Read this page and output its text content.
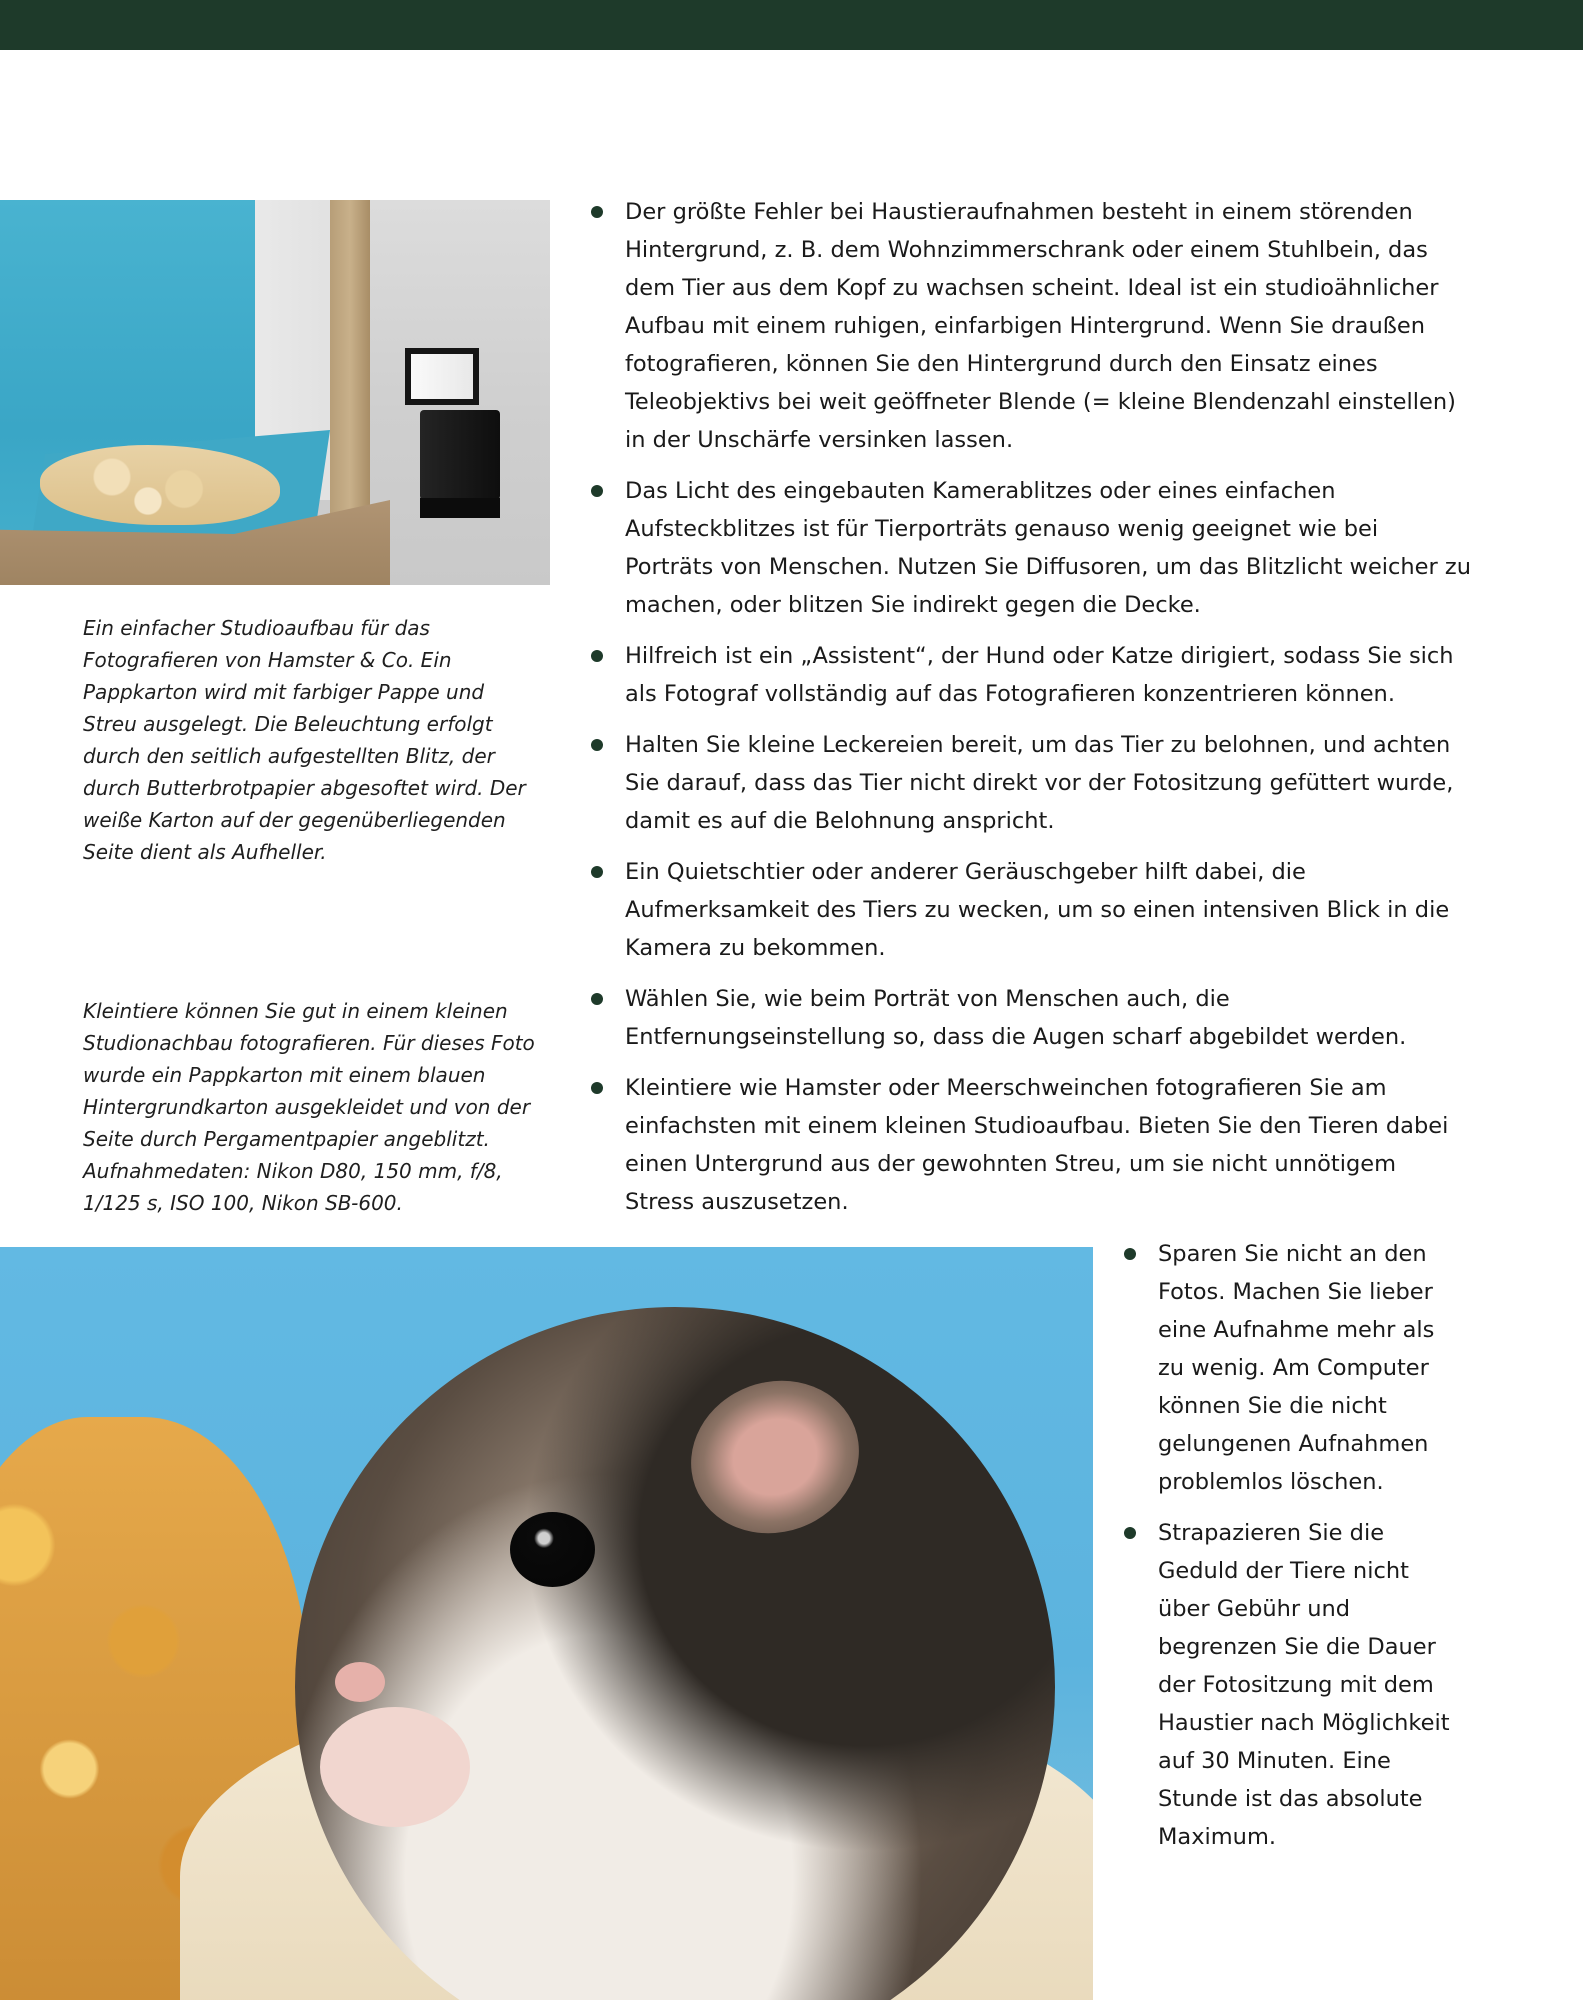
Ein einfacher Studioaufbau für das Fotografieren von Hamster & Co. Ein Pappkarton wird mit farbiger Pappe und Streu ausgelegt. Die Beleuchtung erfolgt durch den seitlich aufgestellten Blitz, der durch Butterbrotpapier abgesoftet wird. Der weiße Karton auf der gegenüberliegenden Seite dient als Aufheller.

Kleintiere können Sie gut in einem kleinen Studionachbau fotografieren. Für dieses Foto wurde ein Pappkarton mit einem blauen Hintergrundkarton ausgekleidet und von der Seite durch Pergamentpapier angeblitzt. Aufnahmedaten: Nikon D80, 150 mm, f/8, 1/125 s, ISO 100, Nikon SB-600.

Der größte Fehler bei Haustieraufnahmen besteht in einem störenden Hintergrund, z. B. dem Wohnzimmerschrank oder einem Stuhlbein, das dem Tier aus dem Kopf zu wachsen scheint. Ideal ist ein studioähnlicher Aufbau mit einem ruhigen, einfarbigen Hintergrund. Wenn Sie draußen fotografieren, können Sie den Hintergrund durch den Einsatz eines Teleobjektivs bei weit geöffneter Blende (= kleine Blendenzahl einstellen) in der Unschärfe versinken lassen.
Das Licht des eingebauten Kamerablitzes oder eines einfachen Aufsteckblitzes ist für Tierporträts genauso wenig geeignet wie bei Porträts von Menschen. Nutzen Sie Diffusoren, um das Blitzlicht weicher zu machen, oder blitzen Sie indirekt gegen die Decke.
Hilfreich ist ein „Assistent“, der Hund oder Katze dirigiert, sodass Sie sich als Fotograf vollständig auf das Fotografieren konzentrieren können.
Halten Sie kleine Leckereien bereit, um das Tier zu belohnen, und achten Sie darauf, dass das Tier nicht direkt vor der Fotositzung gefüttert wurde, damit es auf die Belohnung anspricht.
Ein Quietschtier oder anderer Geräuschgeber hilft dabei, die Aufmerksamkeit des Tiers zu wecken, um so einen intensiven Blick in die Kamera zu bekommen.
Wählen Sie, wie beim Porträt von Menschen auch, die Entfernungseinstellung so, dass die Augen scharf abgebildet werden.
Kleintiere wie Hamster oder Meerschweinchen fotografieren Sie am einfachsten mit einem kleinen Studioaufbau. Bieten Sie den Tieren dabei einen Untergrund aus der gewohnten Streu, um sie nicht unnötigem Stress auszusetzen.
Sparen Sie nicht an den Fotos. Machen Sie lieber eine Aufnahme mehr als zu wenig. Am Computer können Sie die nicht gelungenen Aufnahmen problemlos löschen.
Strapazieren Sie die Geduld der Tiere nicht über Gebühr und begrenzen Sie die Dauer der Fotositzung mit dem Haustier nach Möglichkeit auf 30 Minuten. Eine Stunde ist das absolute Maximum.
